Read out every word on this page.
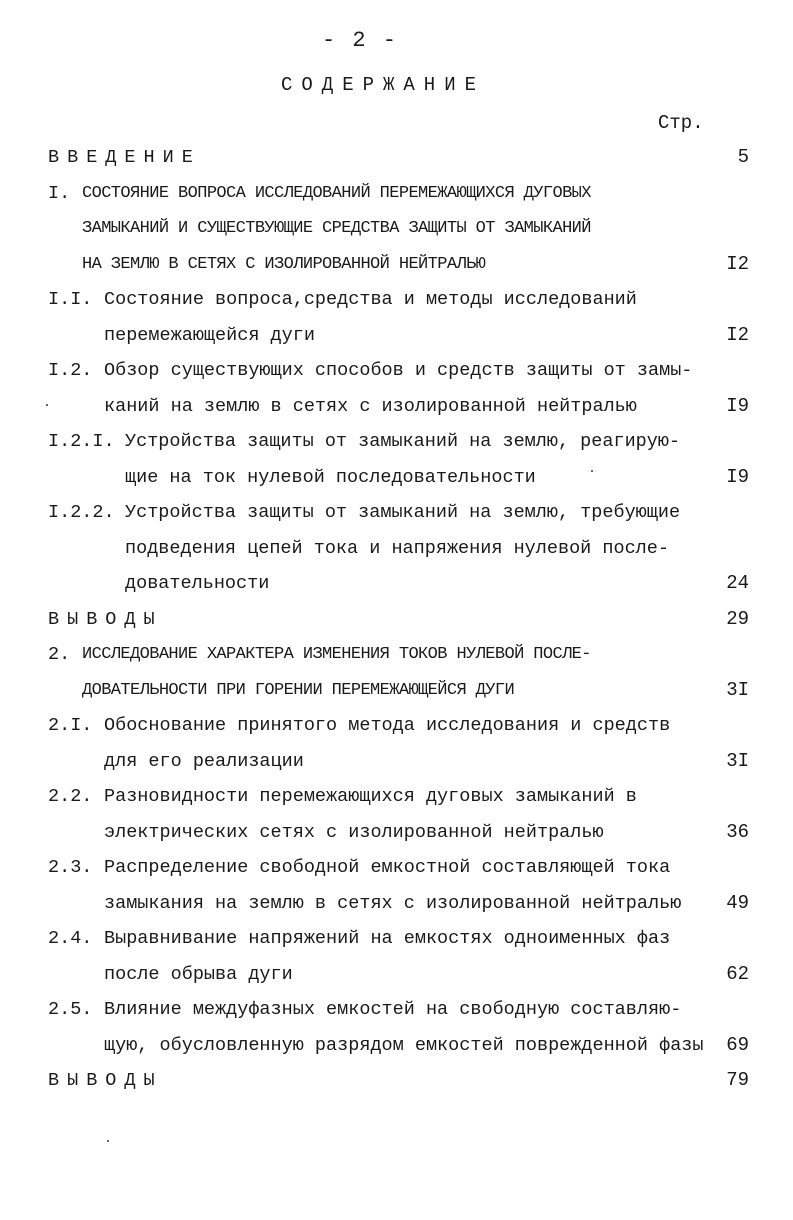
- 2 -
СОДЕРЖАНИЕ
Стр.
ВВЕДЕНИЕ	5
I. СОСТОЯНИЕ ВОПРОСА ИССЛЕДОВАНИЙ ПЕРЕМЕЖАЮЩИХСЯ ДУГОВЫХ
ЗАМЫКАНИЙ И СУЩЕСТВУЮЩИЕ СРЕДСТВА ЗАЩИТЫ ОТ ЗАМЫКАНИЙ
НА ЗЕМЛЮ В СЕТЯХ С ИЗОЛИРОВАННОЙ НЕЙТРАЛЬЮ	I2
I.I. Состояние вопроса,средства и методы исследований
перемежающейся дуги	I2
I.2. Обзор существующих способов и средств защиты от замы-
каний на землю в сетях с изолированной нейтралью	I9
I.2.I. Устройства защиты от замыканий на землю, реагирую-
щие на ток нулевой последовательности	I9
I.2.2. Устройства защиты от замыканий на землю, требующие
подведения цепей тока и напряжения нулевой после-
довательности	24
ВЫВОДЫ	29
2. ИССЛЕДОВАНИЕ ХАРАКТЕРА ИЗМЕНЕНИЯ ТОКОВ НУЛЕВОЙ ПОСЛЕ-
ДОВАТЕЛЬНОСТИ ПРИ ГОРЕНИИ ПЕРЕМЕЖАЮЩЕЙСЯ ДУГИ	3I
2.I. Обоснование принятого метода исследования и средств
для его реализации	3I
2.2. Разновидности перемежающихся дуговых замыканий в
электрических сетях с изолированной нейтралью	36
2.3. Распределение свободной емкостной составляющей тока
замыкания на землю в сетях с изолированной нейтралью 49
2.4. Выравнивание напряжений на емкостях одноименных фаз
после обрыва дуги	62
2.5. Влияние междуфазных емкостей на свободную составляю-
щую, обусловленную разрядом емкостей поврежденной фазы 69
ВЫВОДЫ	79
